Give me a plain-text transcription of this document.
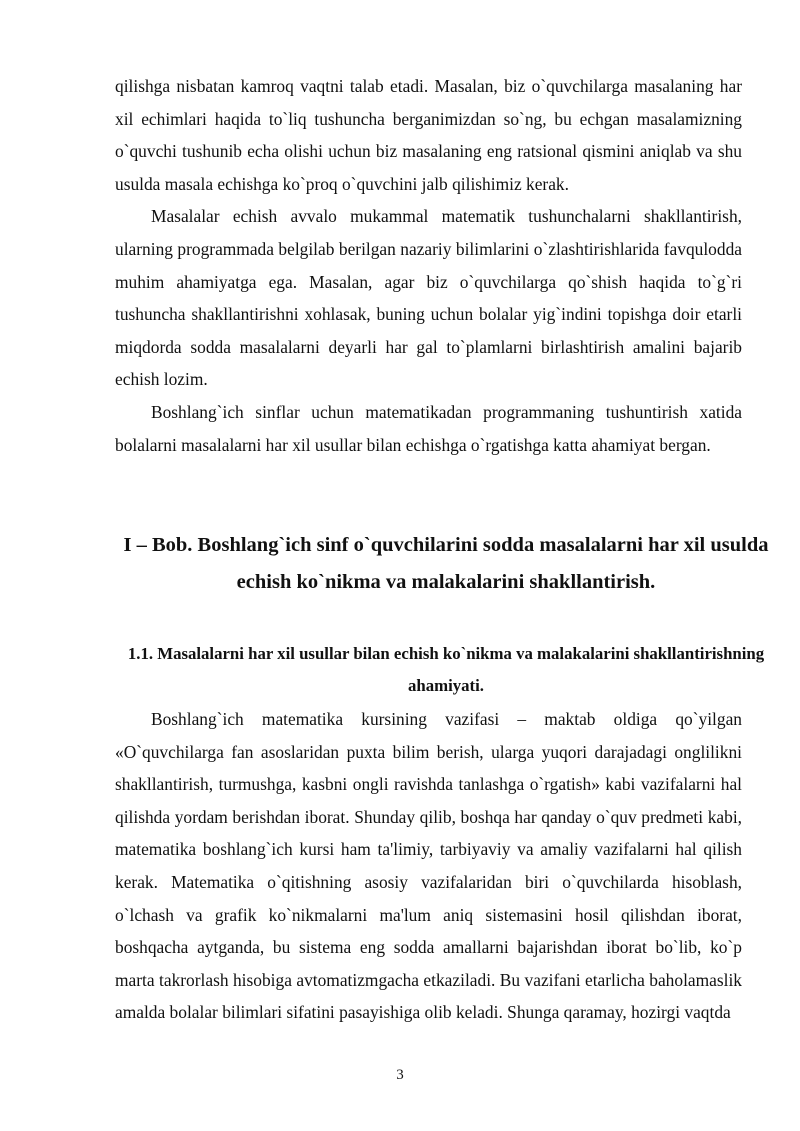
qilishga nisbatan kamroq vaqtni talab etadi. Masalan, biz o`quvchilarga masalaning har xil echimlari haqida to`liq tushuncha berganimizdan so`ng, bu echgan masalamizning o`quvchi tushunib echa olishi uchun biz masalaning eng ratsional qismini aniqlab va shu usulda masala echishga ko`proq o`quvchini jalb qilishimiz kerak.

Masalalar echish avvalo mukammal matematik tushunchalarni shakllantirish, ularning programmada belgilab berilgan nazariy bilimlarini o`zlashtirishlarida favqulodda muhim ahamiyatga ega. Masalan, agar biz o`quvchilarga qo`shish haqida to`g`ri tushuncha shakllantirishni xohlasak, buning uchun bolalar yig`indini topishga doir etarli miqdorda sodda masalalarni deyarli har gal to`plamlarni birlashtirish amalini bajarib echish lozim.

Boshlang`ich sinflar uchun matematikadan programmaning tushuntirish xatida bolalarni masalalarni har xil usullar bilan echishga o`rgatishga katta ahamiyat bergan.

I – Bob. Boshlang`ich sinf o`quvchilarini sodda masalalarni har xil usulda echish ko`nikma va malakalarini shakllantirish.
1.1. Masalalarni har xil usullar bilan echish ko`nikma va malakalarini shakllantirishning ahamiyati.

Boshlang`ich matematika kursining vazifasi – maktab oldiga qo`yilgan «O`quvchilarga fan asoslaridan puxta bilim berish, ularga yuqori darajadagi onglilikni shakllantirish, turmushga, kasbni ongli ravishda tanlashga o`rgatish» kabi vazifalarni hal qilishda yordam berishdan iborat. Shunday qilib, boshqa har qanday o`quv predmeti kabi, matematika boshlang`ich kursi ham ta'limiy, tarbiyaviy va amaliy vazifalarni hal qilish kerak. Matematika o`qitishning asosiy vazifalaridan biri o`quvchilarda hisoblash, o`lchash va grafik ko`nikmalarni ma'lum aniq sistemasini hosil qilishdan iborat, boshqacha aytganda, bu sistema eng sodda amallarni bajarishdan iborat bo`lib, ko`p marta takrorlash hisobiga avtomatizmgacha etkaziladi. Bu vazifani etarlicha baholamaslik amalda bolalar bilimlari sifatini pasayishiga olib keladi. Shunga qaramay, hozirgi vaqtda

3
